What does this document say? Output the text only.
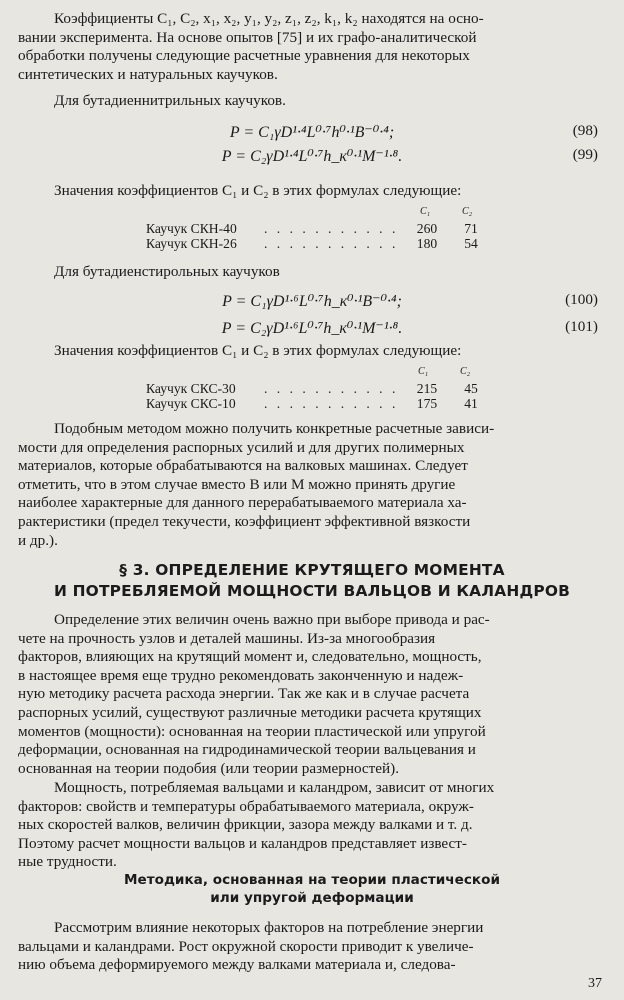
Коэффициенты C₁, C₂, x₁, x₂, y₁, y₂, z₁, z₂, k₁, k₂ находятся на осно-
вании эксперимента. На основе опытов [75] и их графо-аналитической
обработки получены следующие расчетные уравнения для некоторых
синтетических и натуральных каучуков.

Для бутадиеннитрильных каучуков.

P = C₁γD¹·⁴L⁰·⁷h⁰·¹B⁻⁰·⁴;	(98)
P = C₂γD¹·⁴L⁰·⁷h_к⁰·¹M⁻¹·⁸.	(99)

Значения коэффициентов C₁ и C₂ в этих формулах следующие:

C₁	C₂
Каучук СКН-40 . . . . . . . . . . .	260	71
Каучук СКН-26 . . . . . . . . . . .	180	54

Для бутадиенстирольных каучуков

P = C₁γD¹·⁶L⁰·⁷h_к⁰·¹B⁻⁰·⁴;	(100)
P = C₂γD¹·⁶L⁰·⁷h_к⁰·¹M⁻¹·⁸.	(101)

Значения коэффициентов C₁ и C₂ в этих формулах следующие:

C₁	C₂
Каучук СКС-30 . . . . . . . . . . .	215	45
Каучук СКС-10 . . . . . . . . . . .	175	41

Подобным методом можно получить конкретные расчетные зависи-
мости для определения распорных усилий и для других полимерных
материалов, которые обрабатываются на валковых машинах. Следует
отметить, что в этом случае вместо B или M можно принять другие
наиболее характерные для данного перерабатываемого материала ха-
рактеристики (предел текучести, коэффициент эффективной вязкости
и др.).

§ 3. ОПРЕДЕЛЕНИЕ КРУТЯЩЕГО МОМЕНТА
И ПОТРЕБЛЯЕМОЙ МОЩНОСТИ ВАЛЬЦОВ И КАЛАНДРОВ

Определение этих величин очень важно при выборе привода и рас-
чете на прочность узлов и деталей машины. Из-за многообразия
факторов, влияющих на крутящий момент и, следовательно, мощность,
в настоящее время еще трудно рекомендовать законченную и надеж-
ную методику расчета расхода энергии. Так же как и в случае расчета
распорных усилий, существуют различные методики расчета крутящих
моментов (мощности): основанная на теории пластической или упругой
деформации, основанная на гидродинамической теории вальцевания и
основанная на теории подобия (или теории размерностей).

Мощность, потребляемая вальцами и каландром, зависит от многих
факторов: свойств и температуры обрабатываемого материала, окруж-
ных скоростей валков, величин фрикции, зазора между валками и т. д.
Поэтому расчет мощности вальцов и каландров представляет извест-
ные трудности.

Методика, основанная на теории пластической
или упругой деформации

Рассмотрим влияние некоторых факторов на потребление энергии
вальцами и каландрами. Рост окружной скорости приводит к увеличе-
нию объема деформируемого между валками материала и, следова-

37
